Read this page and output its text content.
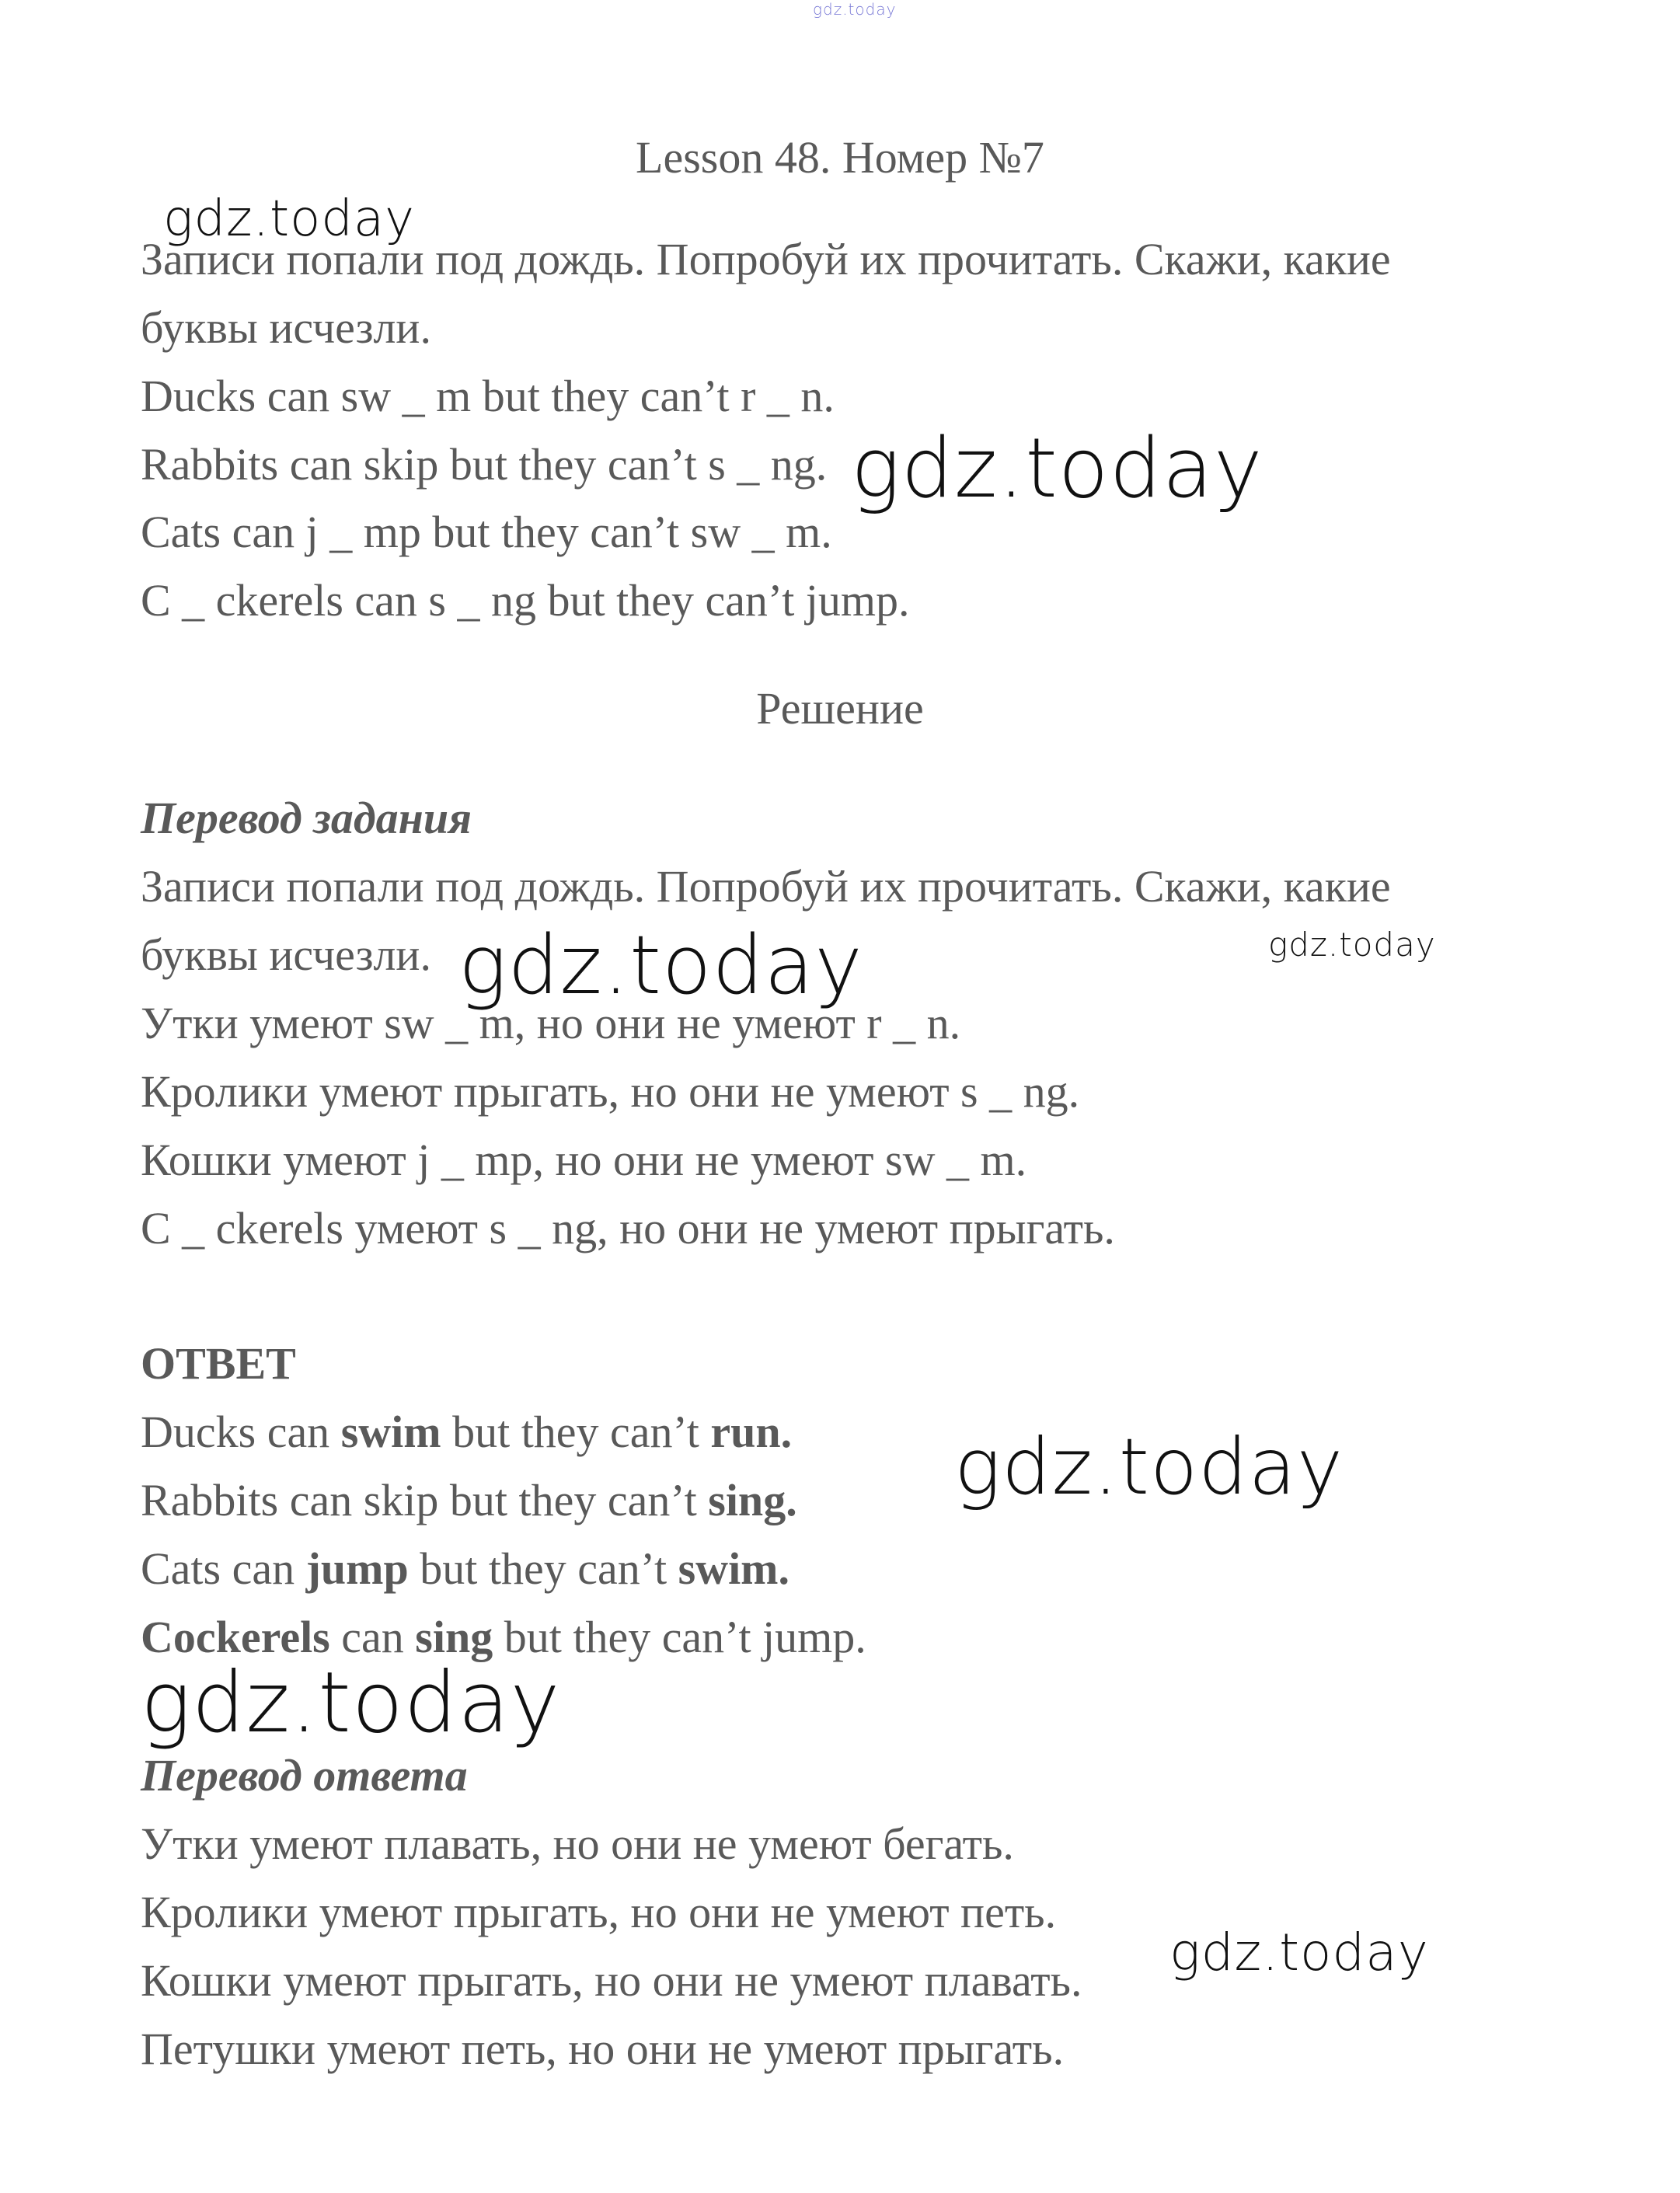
gdz.today
gdz.today
gdz.today
gdz.today	gdz.today
gdz.today
gdz.today
gdz.today
Lesson 48. Номер №7
Записи попали под дождь. Попробуй их прочитать. Скажи, какие
буквы исчезли.
Ducks can sw _ m but they can’t r _ n.
Rabbits can skip but they can’t s _ ng.
Cats can j _ mp but they can’t sw _ m.
C _ ckerels can s _ ng but they can’t jump.
Решение
Перевод задания
Записи попали под дождь. Попробуй их прочитать. Скажи, какие
буквы исчезли.
Утки умеют sw _ m, но они не умеют r _ n.
Кролики умеют прыгать, но они не умеют s _ ng.
Кошки умеют j _ mp, но они не умеют sw _ m.
C _ ckerels умеют s _ ng, но они не умеют прыгать.
ОТВЕТ
Ducks can swim but they can’t run.
Rabbits can skip but they can’t sing.
Cats can jump but they can’t swim.
Cockerels can sing but they can’t jump.
Перевод ответа
Утки умеют плавать, но они не умеют бегать.
Кролики умеют прыгать, но они не умеют петь.
Кошки умеют прыгать, но они не умеют плавать.
Петушки умеют петь, но они не умеют прыгать.
